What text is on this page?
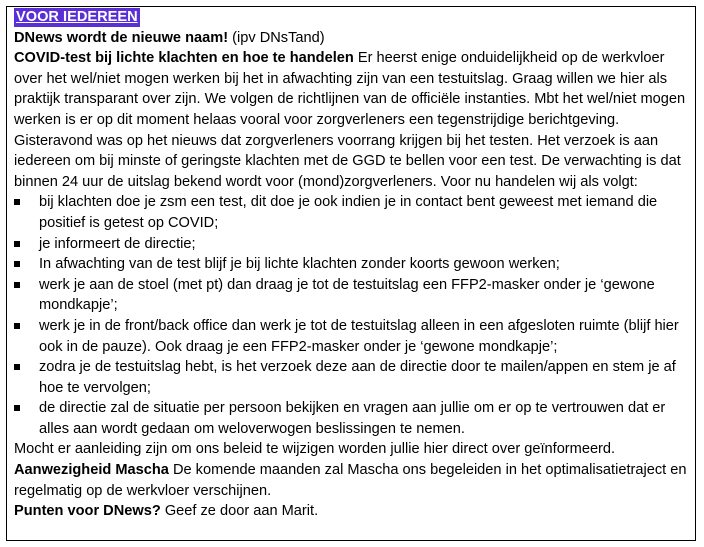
VOOR IEDEREEN

DNews wordt de nieuwe naam! (ipv DNsTand)

COVID-test bij lichte klachten en hoe te handelen Er heerst enige onduidelijkheid op de werkvloer over het wel/niet mogen werken bij het in afwachting zijn van een testuitslag. Graag willen we hier als praktijk transparant over zijn. We volgen de richtlijnen van de officiële instanties. Mbt het wel/niet mogen werken is er op dit moment helaas vooral voor zorgverleners een tegenstrijdige berichtgeving. Gisteravond was op het nieuws dat zorgverleners voorrang krijgen bij het testen. Het verzoek is aan iedereen om bij minste of geringste klachten met de GGD te bellen voor een test. De verwachting is dat binnen 24 uur de uitslag bekend wordt voor (mond)zorgverleners. Voor nu handelen wij als volgt:

bij klachten doe je zsm een test, dit doe je ook indien je in contact bent geweest met iemand die positief is getest op COVID;
je informeert de directie;
In afwachting van de test blijf je bij lichte klachten zonder koorts gewoon werken;
werk je aan de stoel (met pt) dan draag je tot de testuitslag een FFP2-masker onder je ‘gewone mondkapje’;
werk je in de front/back office dan werk je tot de testuitslag alleen in een afgesloten ruimte (blijf hier ook in de pauze). Ook draag je een FFP2-masker onder je ‘gewone mondkapje’;
zodra je de testuitslag hebt, is het verzoek deze aan de directie door te mailen/appen en stem je af hoe te vervolgen;
de directie zal de situatie per persoon bekijken en vragen aan jullie om er op te vertrouwen dat er alles aan wordt gedaan om weloverwogen beslissingen te nemen.

Mocht er aanleiding zijn om ons beleid te wijzigen worden jullie hier direct over geïnformeerd.

Aanwezigheid Mascha De komende maanden zal Mascha ons begeleiden in het optimalisatietraject en regelmatig op de werkvloer verschijnen.

Punten voor DNews? Geef ze door aan Marit.
